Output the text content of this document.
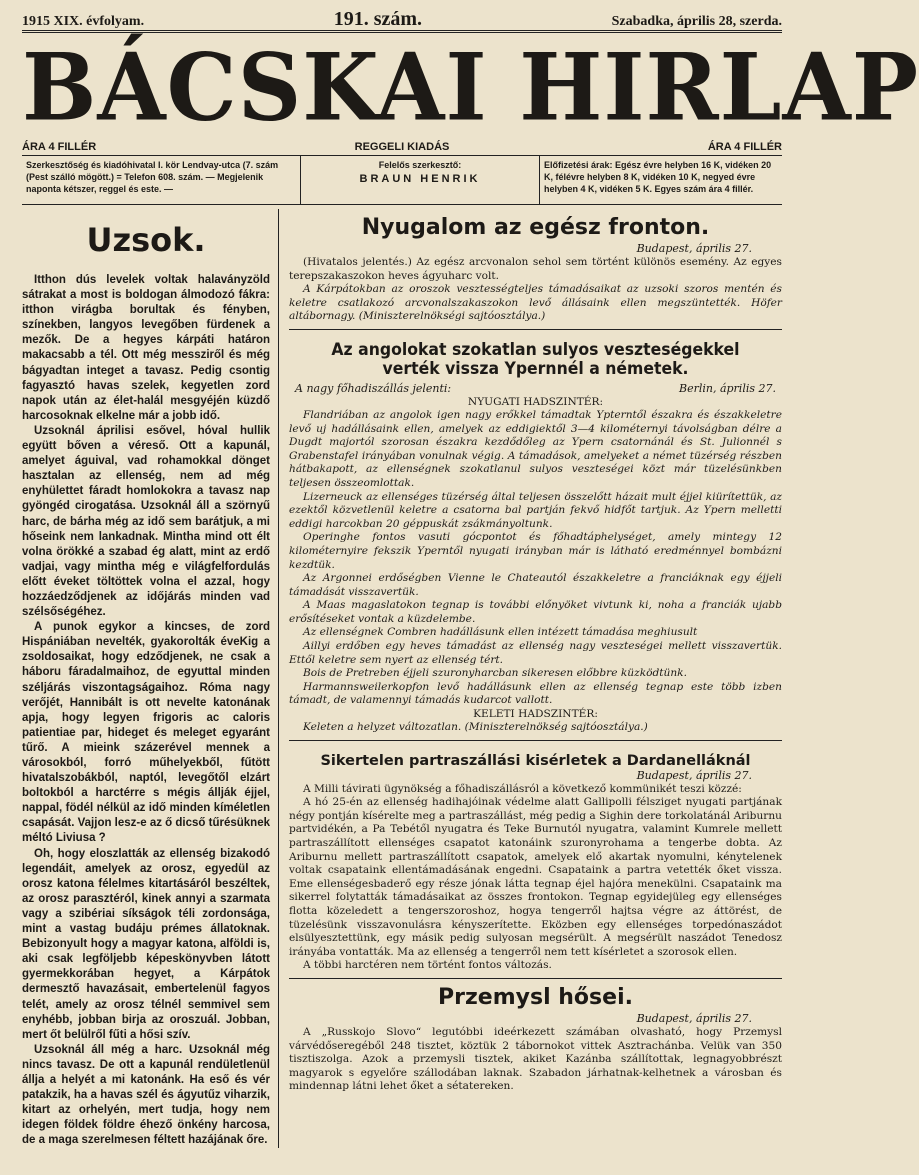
1915 XIX. évfolyam.	191. szám.	Szabadka, április 28, szerda.
BÁCSKAI HIRLAP
ÁRA 4 FILLÉR	REGGELI KIADÁS	ÁRA 4 FILLÉR
Szerkesztőség és kiadóhivatal I. kör Lendvay-utca (7. szám (Pest szálló mögött.) = Telefon 608. szám. — Megjelenik naponta kétszer, reggel és este. —
Felelős szerkesztő:
BRAUN HENRIK
Előfizetési árak: Egész évre helyben 16 K, vidéken 20 K, félévre helyben 8 K, vidéken 10 K, negyed évre helyben 4 K, vidéken 5 K. Egyes szám ára 4 fillér.
Uzsok.

Itthon dús levelek voltak halaványzöld sátrakat a most is boldogan álmodozó fákra: itthon virágba borultak és fényben, színekben, langyos levegőben fürdenek a mezők. De a hegyes kárpáti határon makacsabb a tél. Ott még messziről és még bágyadtan integet a tavasz. Pedig csontig fagyasztó havas szelek, kegyetlen zord napok után az élet-halál mesgyéjén küzdő harcosoknak elkelne már a jobb idő.

Uzsoknál áprilisi esővel, hóval hullik együtt bőven a véreső. Ott a kapunál, amelyet águival, vad rohamokkal dönget hasztalan az ellenség, nem ad még enyhülettet fáradt homlokokra a tavasz nap gyöngéd cirogatása. Uzsoknál áll a szörnyű harc, de bárha még az idő sem barátjuk, a mi hőseink nem lankadnak. Mintha mind ott élt volna örökké a szabad ég alatt, mint az erdő vadjai, vagy mintha még e világfelfordulás előtt éveket töltöttek volna el azzal, hogy hozzáedződjenek az időjárás minden vad szélsőségéhez.

A punok egykor a kincses, de zord Hispániában nevelték, gyakorolták éveKig a zsoldosaikat, hogy edződjenek, ne csak a háboru fáradalmaihoz, de egyuttal minden széljárás viszontagságaihoz. Róma nagy verőjét, Hannibált is ott nevelte katonának apja, hogy legyen frigoris ac caloris patientiae par, hideget és meleget egyaránt tűrő. A mieink százerével mennek a városokból, forró műhelyekből, fűtött hivatalszobákból, naptól, levegőtől elzárt boltokból a harctérre s mégis állják éjjel, nappal, födél nélkül az idő minden kíméletlen csapását. Vajjon lesz-e az ő dicső tűrésüknek méltó Liviusa ?

Oh, hogy eloszlatták az ellenség bizakodó legendáit, amelyek az orosz, egyedül az orosz katona félelmes kitartásáról beszéltek, az orosz parasztéról, kinek annyi a szarmata vagy a szibériai síkságok téli zordonsága, mint a vastag budáju prémes állatoknak. Bebizonyult hogy a magyar katona, alföldi is, aki csak legföljebb képeskönyvben látott gyermekkorában hegyet, a Kárpátok dermesztő havazásait, embertelenül fagyos telét, amely az orosz télnél semmivel sem enyhébb, jobban birja az oroszuál. Jobban, mert őt belülről fűti a hősi szív.

Uzsoknál áll még a harc. Uzsoknál még nincs tavasz. De ott a kapunál rendületlenül állja a helyét a mi katonánk. Ha eső és vér patakzik, ha a havas szél és ágyutűz viharzik, kitart az orhelyén, mert tudja, hogy nem idegen földek földre éhező önkény harcosa, de a maga szerelmesen féltett hazájának őre.

Nyugalom az egész fronton.
Budapest, április 27.

(Hivatalos jelentés.) Az egész arcvonalon sehol sem történt különös esemény. Az egyes terepszakaszokon heves ágyuharc volt.

A Kárpátokban az oroszok vesztességteljes támadásaikat az uzsoki szoros mentén és keletre csatlakozó arcvonalszakaszokon levő állásaink ellen megszüntették. Höfer altábornagy. (Miniszterelnökségi sajtóosztálya.)

Az angolokat szokatlan sulyos veszteségekkel verték vissza Ypernnél a németek.
A nagy főhadiszállás jelenti:	Berlin, április 27.
NYUGATI HADSZINTÉR:

Flandriában az angolok igen nagy erőkkel támadtak Ypterntől északra és északkeletre levő uj hadállásaink ellen, amelyek az eddigiektől 3—4 kilométernyi távolságban délre a Dugdt majortól szorosan északra kezdődőleg az Ypern csatornánál és St. Julionnél s Grabenstafel irányában vonulnak végig. A támadások, amelyeket a német tüzérség részben hátbakapott, az ellenségnek szokatlanul sulyos veszteségei közt már tüzelésünkben teljesen összeomlottak.

Lizerneuck az ellenséges tüzérség által teljesen összelőtt házait mult éjjel kiürítettük, az ezektől közvetlenül keletre a csatorna bal partján fekvő hidfőt tartjuk. Az Ypern melletti eddigi harcokban 20 géppuskát zsákmányoltunk.

Operinghe fontos vasuti gócpontot és főhadtáphelységet, amely mintegy 12 kilométernyire fekszik Yperntől nyugati irányban már is látható eredménnyel bombázni kezdtük.

Az Argonnei erdőségben Vienne le Chateautól északkeletre a franciáknak egy éjjeli támadását visszavertük.

A Maas magaslatokon tegnap is további előnyöket vivtunk ki, noha a franciák ujabb erősítéseket vontak a küzdelembe.

Az ellenségnek Combren hadállásunk ellen intézett támadása meghiusult

Aillyi erdőben egy heves támadást az ellenség nagy veszteségei mellett visszavertük. Ettől keletre sem nyert az ellenség tért.

Bois de Pretreben éjjeli szuronyharcban sikeresen előbbre küzködtünk.

Harmannsweilerkopfon levő hadállásunk ellen az ellenség tegnap este több izben támadt, de valamennyi támadás kudarcot vallott.

KELETI HADSZINTÉR:

Keleten a helyzet változatlan. (Miniszterelnökség sajtóosztálya.)

Sikertelen partraszállási kisérletek a Dardanelláknál
Budapest, április 27.

A Milli távirati ügynökség a főhadiszállásról a következő kommünikét teszi közzé:

A hó 25-én az ellenség hadihajóinak védelme alatt Gallipolli félsziget nyugati partjának négy pontján kísérelte meg a partraszállást, még pedig a Sighin dere torkolatánál Ariburnu partvidékén, a Pa Tebétől nyugatra és Teke Burnutól nyugatra, valamint Kumrele mellett partraszállított ellenséges csapatot katonáink szuronyrohama a tengerbe dobta. Az Ariburnu mellett partraszállított csapatok, amelyek elő akartak nyomulni, kénytelenek voltak csapataink ellentámadásának engedni. Csapataink a partra vetették őket vissza. Eme ellenségesbaderő egy része jónak látta tegnap éjel hajóra menekülni. Csapataink ma sikerrel folytatták támadásaikat az összes frontokon. Tegnap egyidejüleg egy ellenséges flotta közeledett a tengerszoroshoz, hogya tengerről hajtsa végre az áttörést, de tüzelésünk visszavonulásra kényszerítette. Eközben egy ellenséges torpedónaszádot elsülyesztettünk, egy másik pedig sulyosan megsérült. A megsérült naszádot Tenedosz irányába vontatták. Ma az ellenség a tengerről nem tett kísérletet a szorosok ellen.

A többi harctéren nem történt fontos változás.

Przemysl hősei.
Budapest, április 27.

A „Russkojo Slovo“ legutóbbi ideérkezett számában olvasható, hogy Przemysl várvédőseregéből 248 tisztet, köztük 2 tábornokot vittek Asztrachánba. Velük van 350 tisztiszolga. Azok a przemysli tisztek, akiket Kazánba szállítottak, legnagyobbrészt magyarok s egyelőre szállodában laknak. Szabadon járhatnak-kelhetnek a városban és mindennap látni lehet őket a sétatereken.
